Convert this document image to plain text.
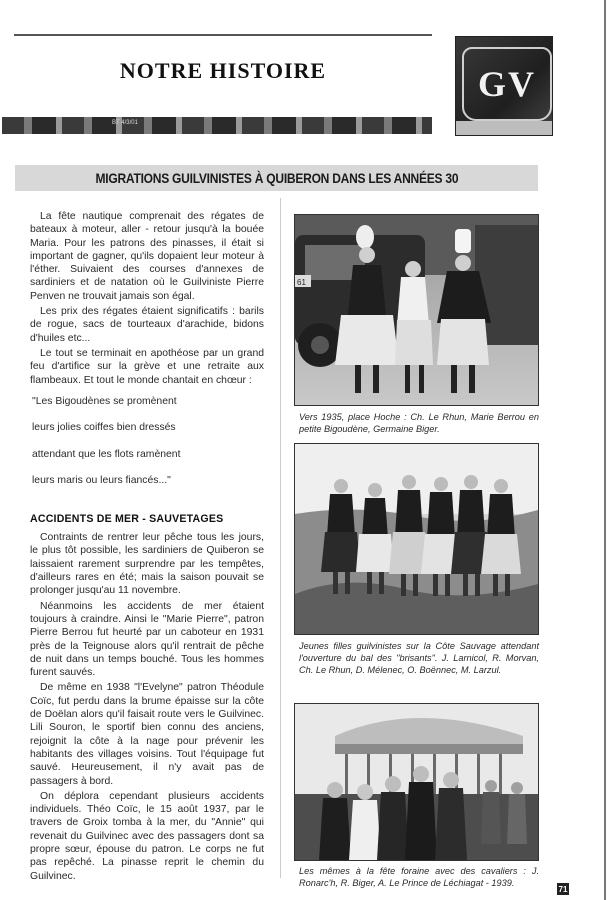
NOTRE HISTOIRE
BT 4/3/01
GV
MIGRATIONS GUILVINISTES À QUIBERON DANS LES ANNÉES 30

La fête nautique comprenait des régates de bateaux à moteur, aller - retour jusqu'à la bouée Maria. Pour les patrons des pinasses, il était si important de gagner, qu'ils dopaient leur moteur à l'éther. Suivaient des courses d'annexes de sardiniers et de natation où le Guilviniste Pierre Penven ne trouvait jamais son égal.

Les prix des régates étaient significatifs : barils de rogue, sacs de tourteaux d'arachide, bidons d'huiles etc...

Le tout se terminait en apothéose par un grand feu d'artifice sur la grève et une retraite aux flambeaux. Et tout le monde chantait en chœur :

"Les Bigoudènes se promènent

leurs jolies coiffes bien dressés

attendant que les flots ramènent

leurs maris ou leurs fiancés..."

ACCIDENTS DE MER - SAUVETAGES

Contraints de rentrer leur pêche tous les jours, le plus tôt possible, les sardiniers de Quiberon se laissaient rarement surprendre par les tempêtes, d'ailleurs rares en été; mais la saison pouvait se prolonger jusqu'au 11 novembre.

Néanmoins les accidents de mer étaient toujours à craindre. Ainsi le "Marie Pierre", patron Pierre Berrou fut heurté par un caboteur en 1931 près de la Teignouse alors qu'il rentrait de pêche de nuit dans un temps bouché. Tous les hommes furent sauvés.

De même en 1938 "l'Evelyne" patron Théodule Coïc, fut perdu dans la brume épaisse sur la côte de Doëlan alors qu'il faisait route vers le Guilvinec. Lili Souron, le sportif bien connu des anciens, rejoignit la côte à la nage pour prévenir les habitants des villages voisins. Tout l'équipage fut sauvé. Heureusement, il n'y avait pas de passagers à bord.

On déplora cependant plusieurs accidents individuels. Théo Coïc, le 15 août 1937, par le travers de Groix tomba à la mer, du "Annie" qui revenait du Guilvinec avec des passagers dont sa propre sœur, épouse du patron. Le corps ne fut pas repêché. La pinasse reprit le chemin du Guilvinec.

61
Vers 1935, place Hoche : Ch. Le Rhun, Marie Berrou en petite Bigoudène, Germaine Biger.
Jeunes filles guilvinistes sur la Côte Sauvage attendant l'ouverture du bal des "brisants". J. Larnicol, R. Morvan, Ch. Le Rhun, D. Mélenec, O. Boënnec, M. Larzul.
Les mêmes à la fête foraine avec des cavaliers : J. Ronarc'h, R. Biger, A. Le Prince de Léchiagat - 1939.
71
